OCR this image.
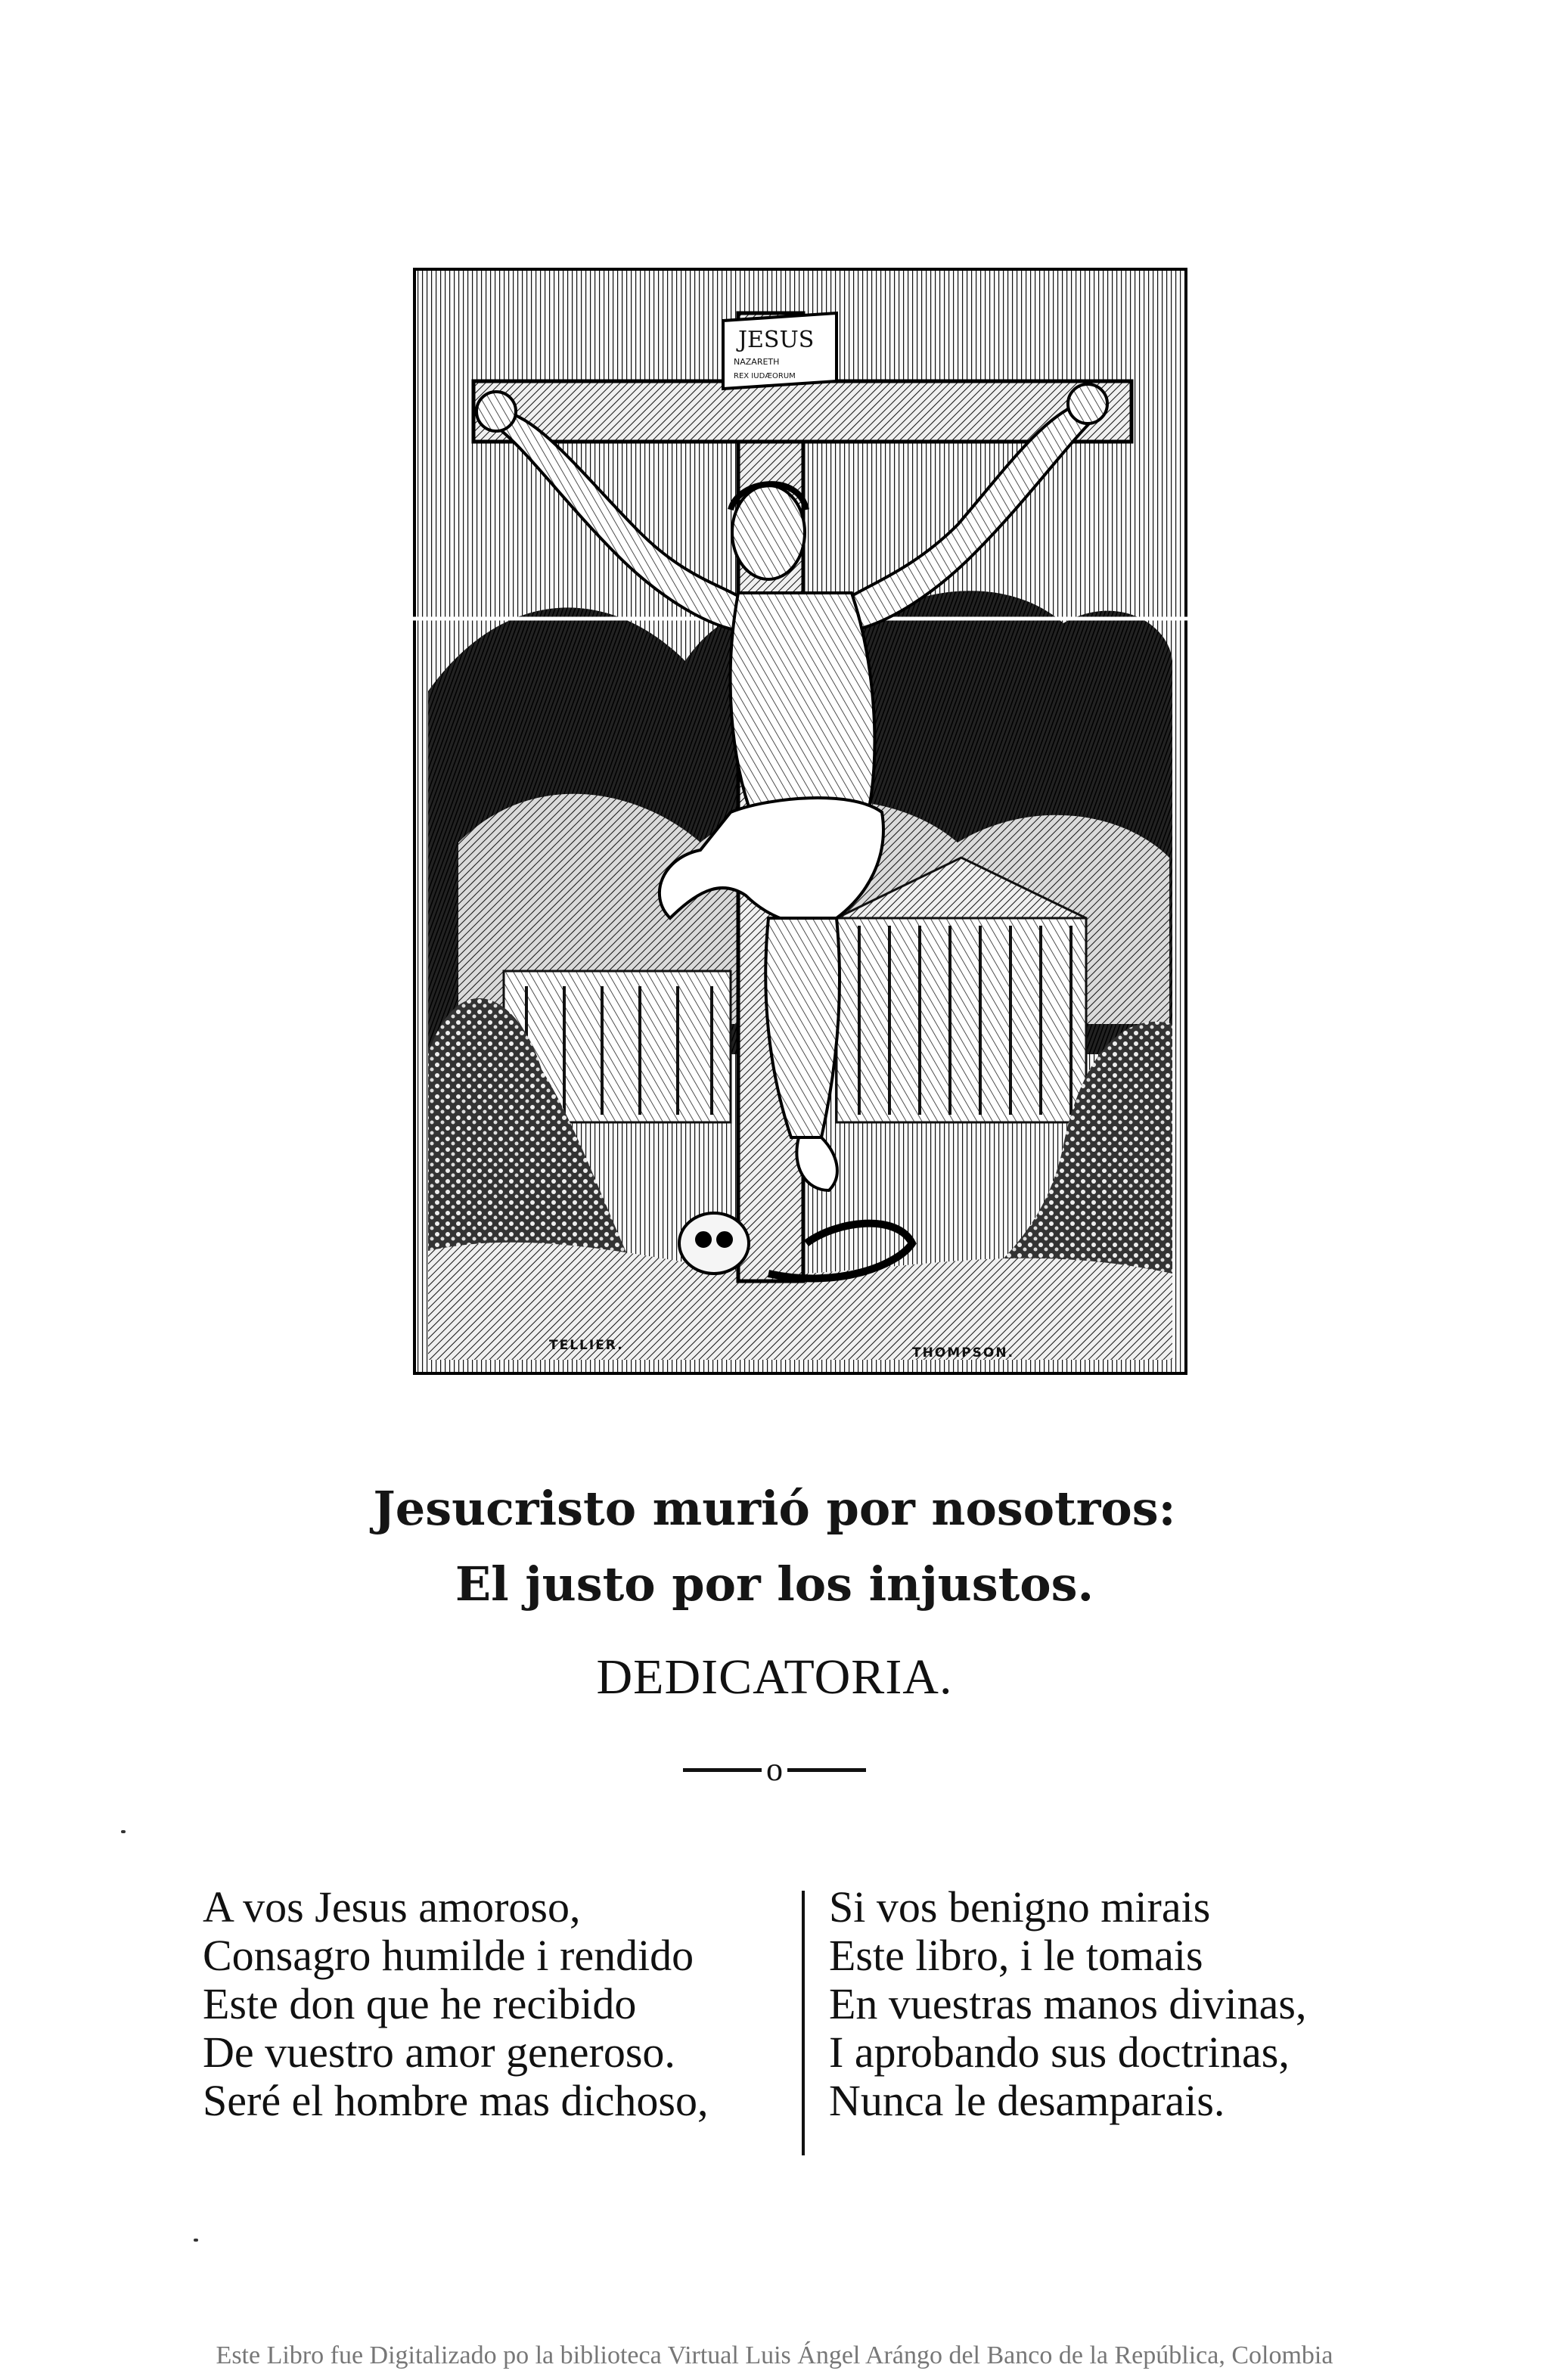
JESUS
NAZARETH
REX IUDÆORUM
TELLIER.	THOMPSON.
Jesucristo murió por nosotros:
El justo por los injustos.
DEDICATORIA.
o
A vos Jesus amoroso,
Consagro humilde i rendido
Este don que he recibido
De vuestro amor generoso.
Seré el hombre mas dichoso,
Si vos benigno mirais
Este libro, i le tomais
En vuestras manos divinas,
I aprobando sus doctrinas,
Nunca le desamparais.
Este Libro fue Digitalizado po la biblioteca Virtual Luis Ángel Arángo del Banco de la República, Colombia
